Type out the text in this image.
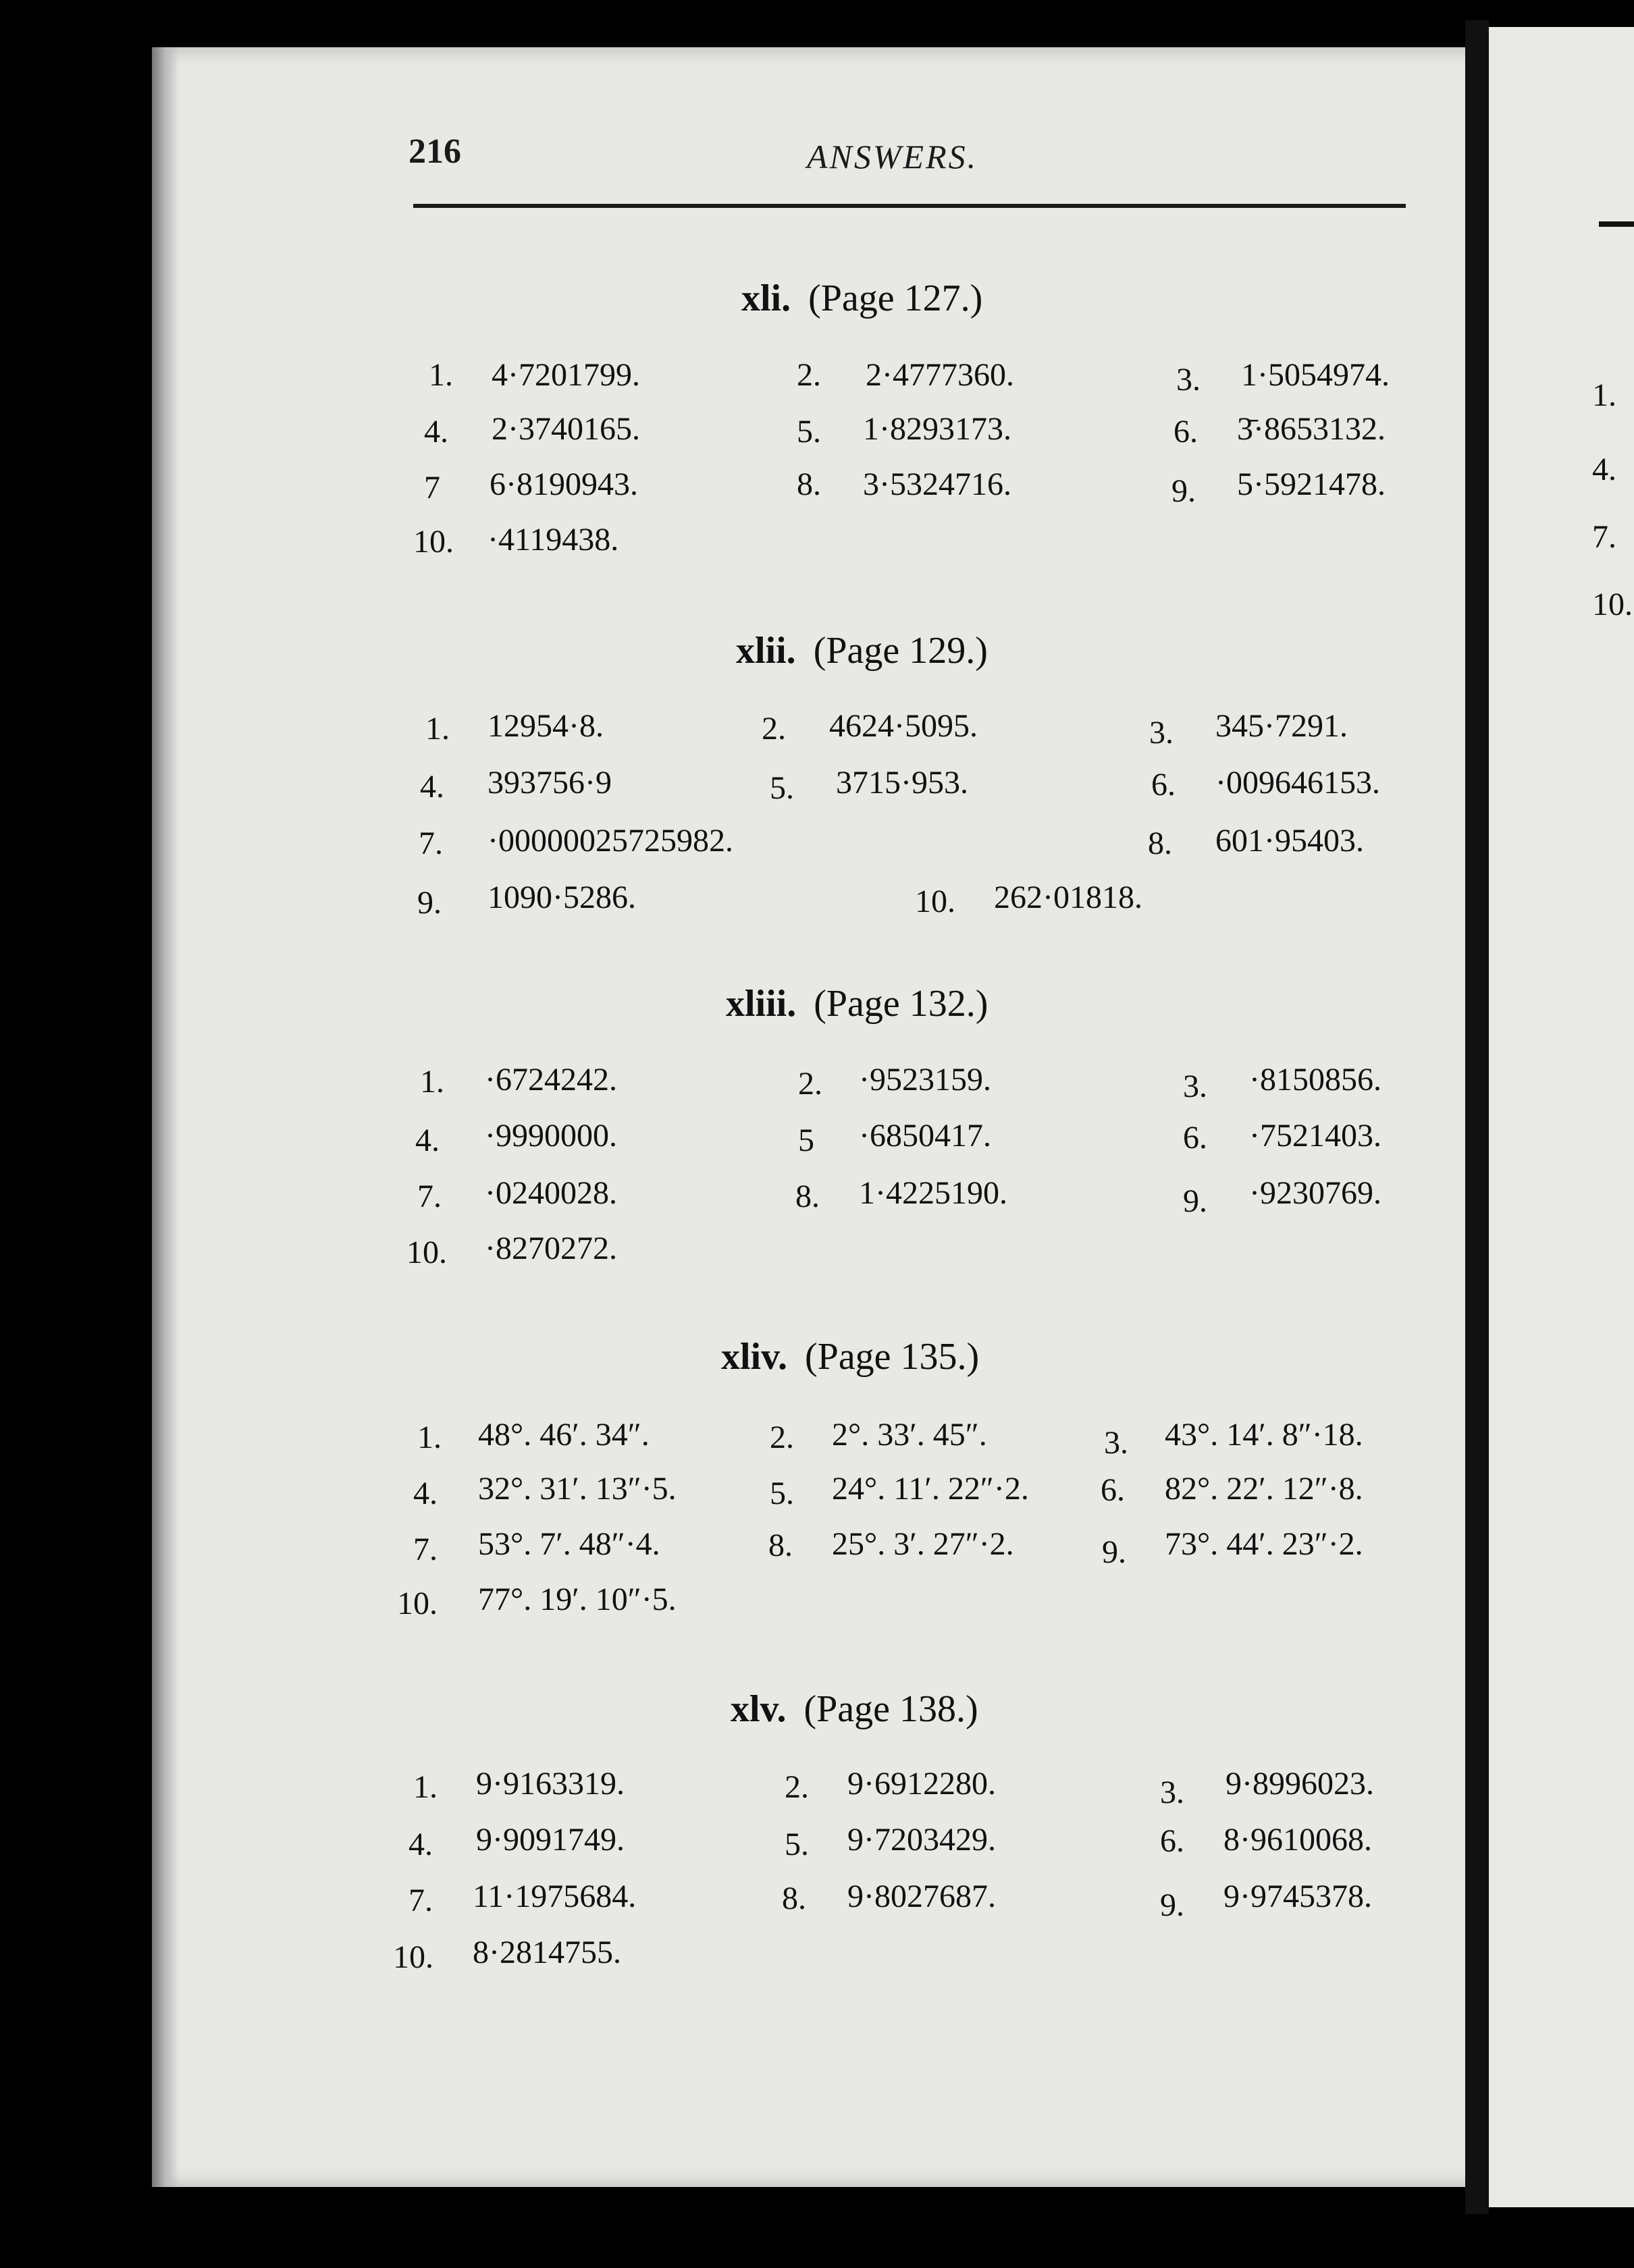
1.
4.
7.
10.
216	ANSWERS.
xli. (Page 127.)
1. 4·7201799.	2. 2·4777360.	3. 1·5054974.
4. 2·3740165.	5. 1·8293173.	6. 3̄·8653132.
7 6·8190943.	8. 3·5324716.	9. 5·5921478.
10. ·4119438.
xlii. (Page 129.)
1. 12954·8.	2. 4624·5095.	3. 345·7291.
4. 393756·9	5. 3715·953.	6. ·009646153.
7. ·00000025725982.	8. 601·95403.
9. 1090·5286.	10. 262·01818.
xliii. (Page 132.)
1. ·6724242.	2. ·9523159.	3. ·8150856.
4. ·9990000.	5 ·6850417.	6. ·7521403.
7. ·0240028.	8. 1·4225190.	9. ·9230769.
10. ·8270272.
xliv. (Page 135.)
1. 48°. 46′. 34″.	2. 2°. 33′. 45″.	3. 43°. 14′. 8″·18.
4. 32°. 31′. 13″·5.	5. 24°. 11′. 22″·2. 6. 82°. 22′. 12″·8.
7. 53°. 7′. 48″·4.	8. 25°. 3′. 27″·2.	9. 73°. 44′. 23″·2.
10. 77°. 19′. 10″·5.
xlv. (Page 138.)
1. 9·9163319.	2. 9·6912280.	3. 9·8996023.
4. 9·9091749.	5. 9·7203429.	6. 8·9610068.
7. 11·1975684.	8. 9·8027687.	9. 9·9745378.
10. 8·2814755.
